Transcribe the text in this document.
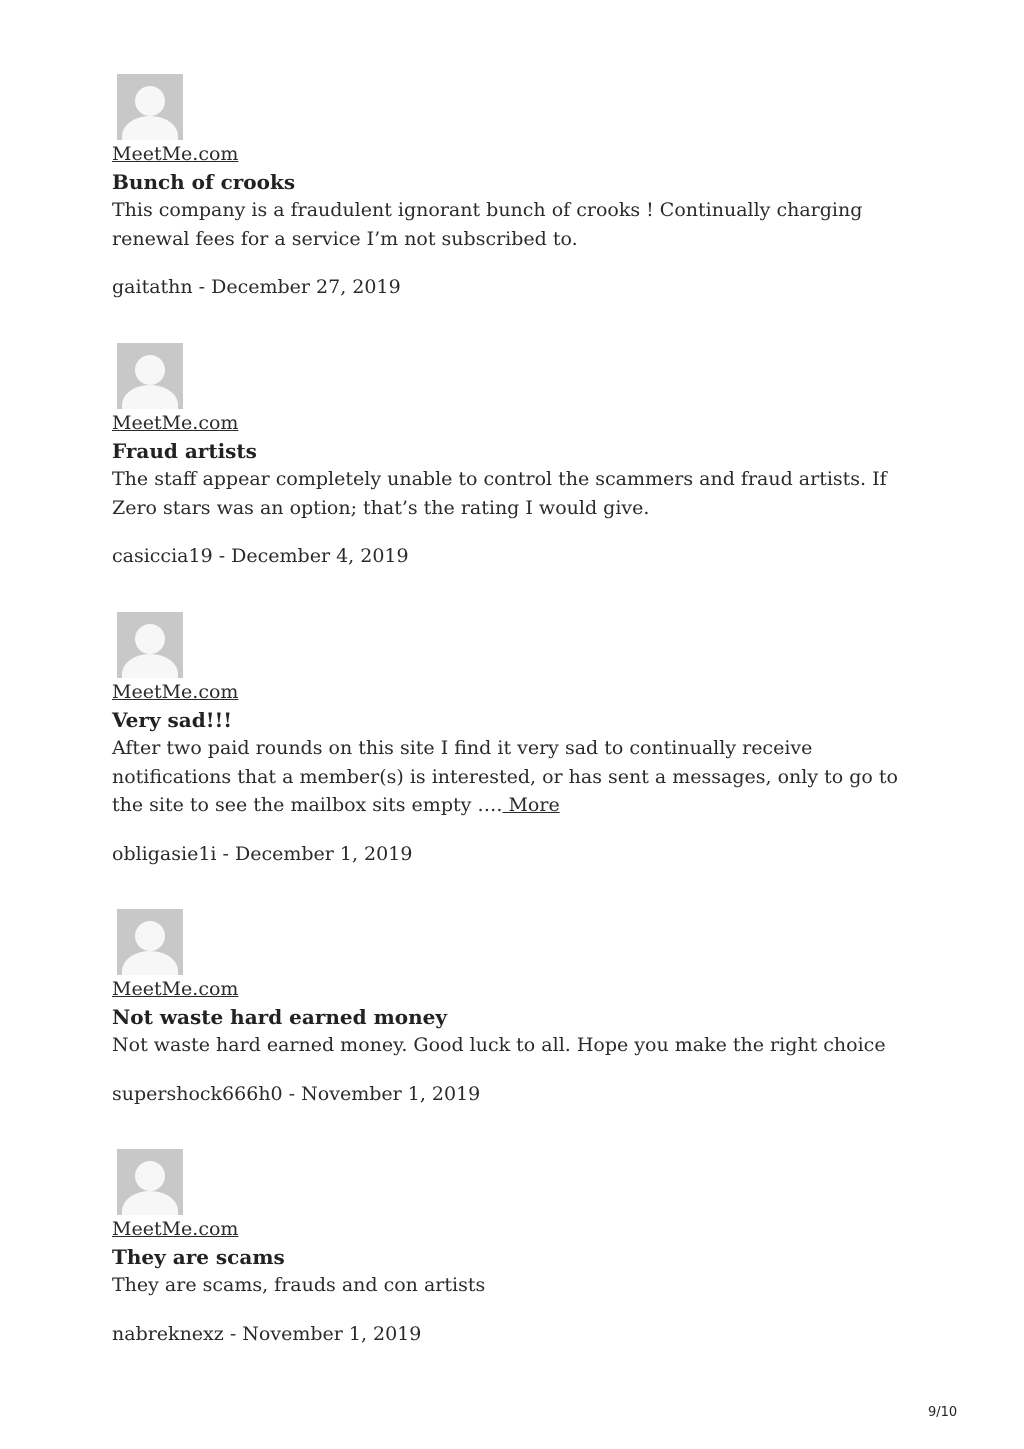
MeetMe.com
Bunch of crooks
This company is a fraudulent ignorant bunch of crooks ! Continually charging renewal fees for a service I’m not subscribed to.
gaitathn - December 27, 2019
MeetMe.com
Fraud artists
The staff appear completely unable to control the scammers and fraud artists. If Zero stars was an option; that’s the rating I would give.
casiccia19 - December 4, 2019
MeetMe.com
Very sad!!!
After two paid rounds on this site I find it very sad to continually receive notifications that a member(s) is interested, or has sent a messages, only to go to the site to see the mailbox sits empty …. More
obligasie1i - December 1, 2019
MeetMe.com
Not waste hard earned money
Not waste hard earned money. Good luck to all. Hope you make the right choice
supershock666h0 - November 1, 2019
MeetMe.com
They are scams
They are scams, frauds and con artists
nabreknexz - November 1, 2019
9/10
